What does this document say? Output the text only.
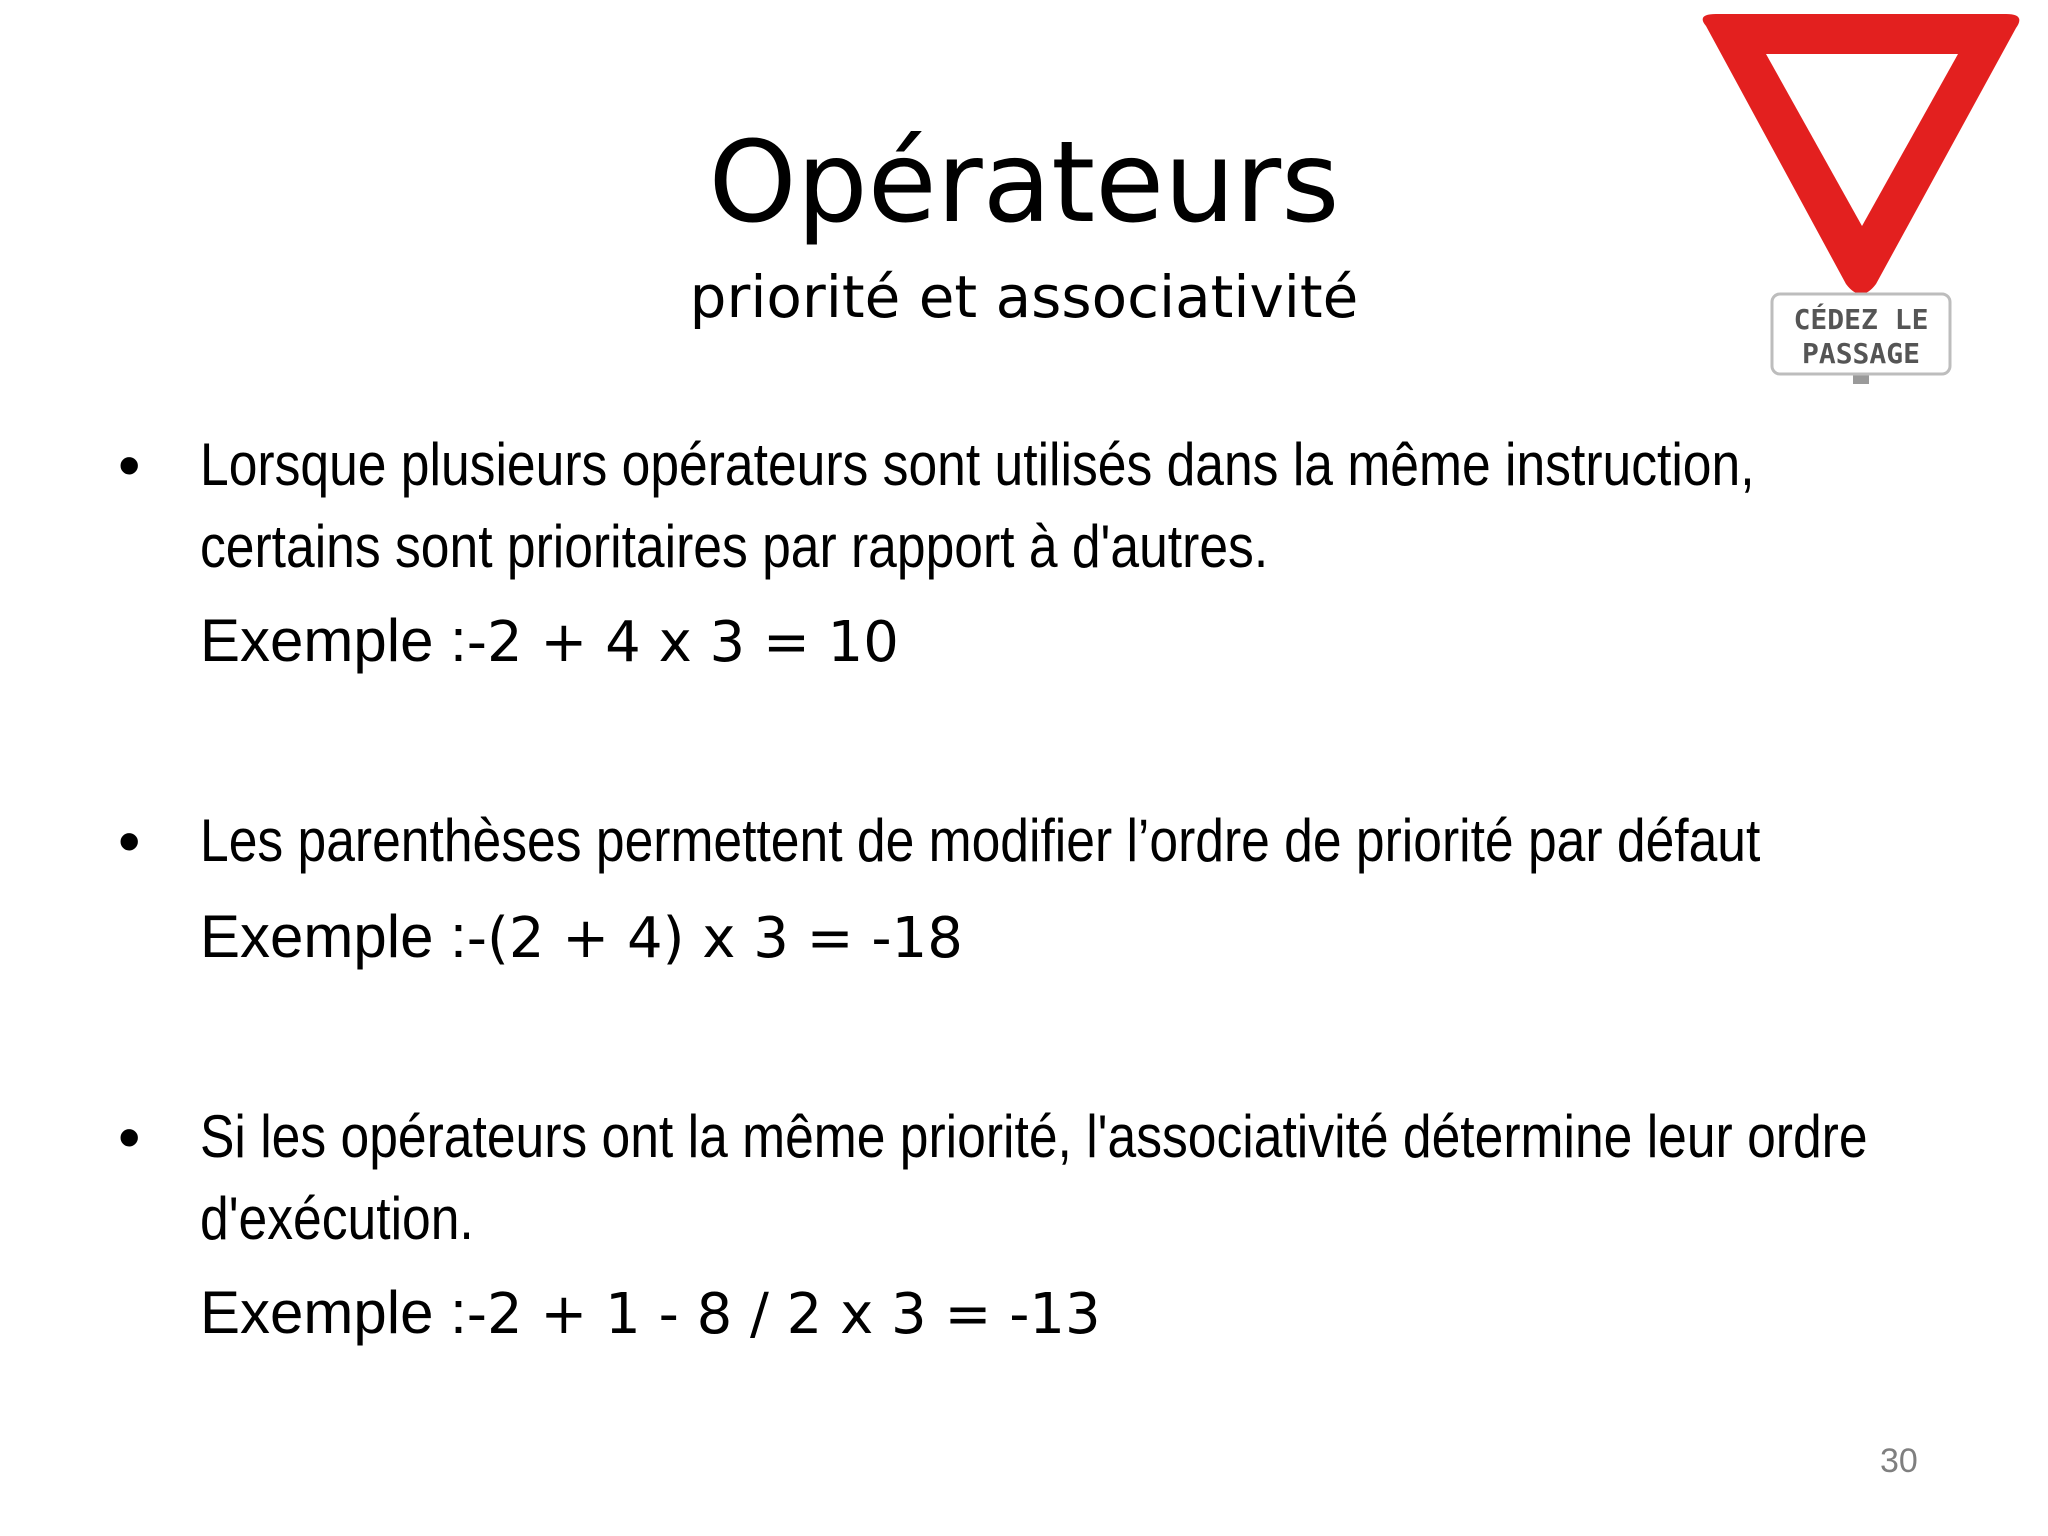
Opérateurs
priorité et associativité	CÉDEZ LE
PASSAGE
• Lorsque plusieurs opérateurs sont utilisés dans la même instruction, certains sont prioritaires par rapport à d'autres.
Exemple :-2 + 4 x 3 = 10
• Les parenthèses permettent de modifier l’ordre de priorité par défaut
Exemple :-(2 + 4) x 3 = -18
• Si les opérateurs ont la même priorité, l'associativité détermine leur ordre d'exécution.
Exemple :-2 + 1 - 8 / 2 x 3 = -13
30
